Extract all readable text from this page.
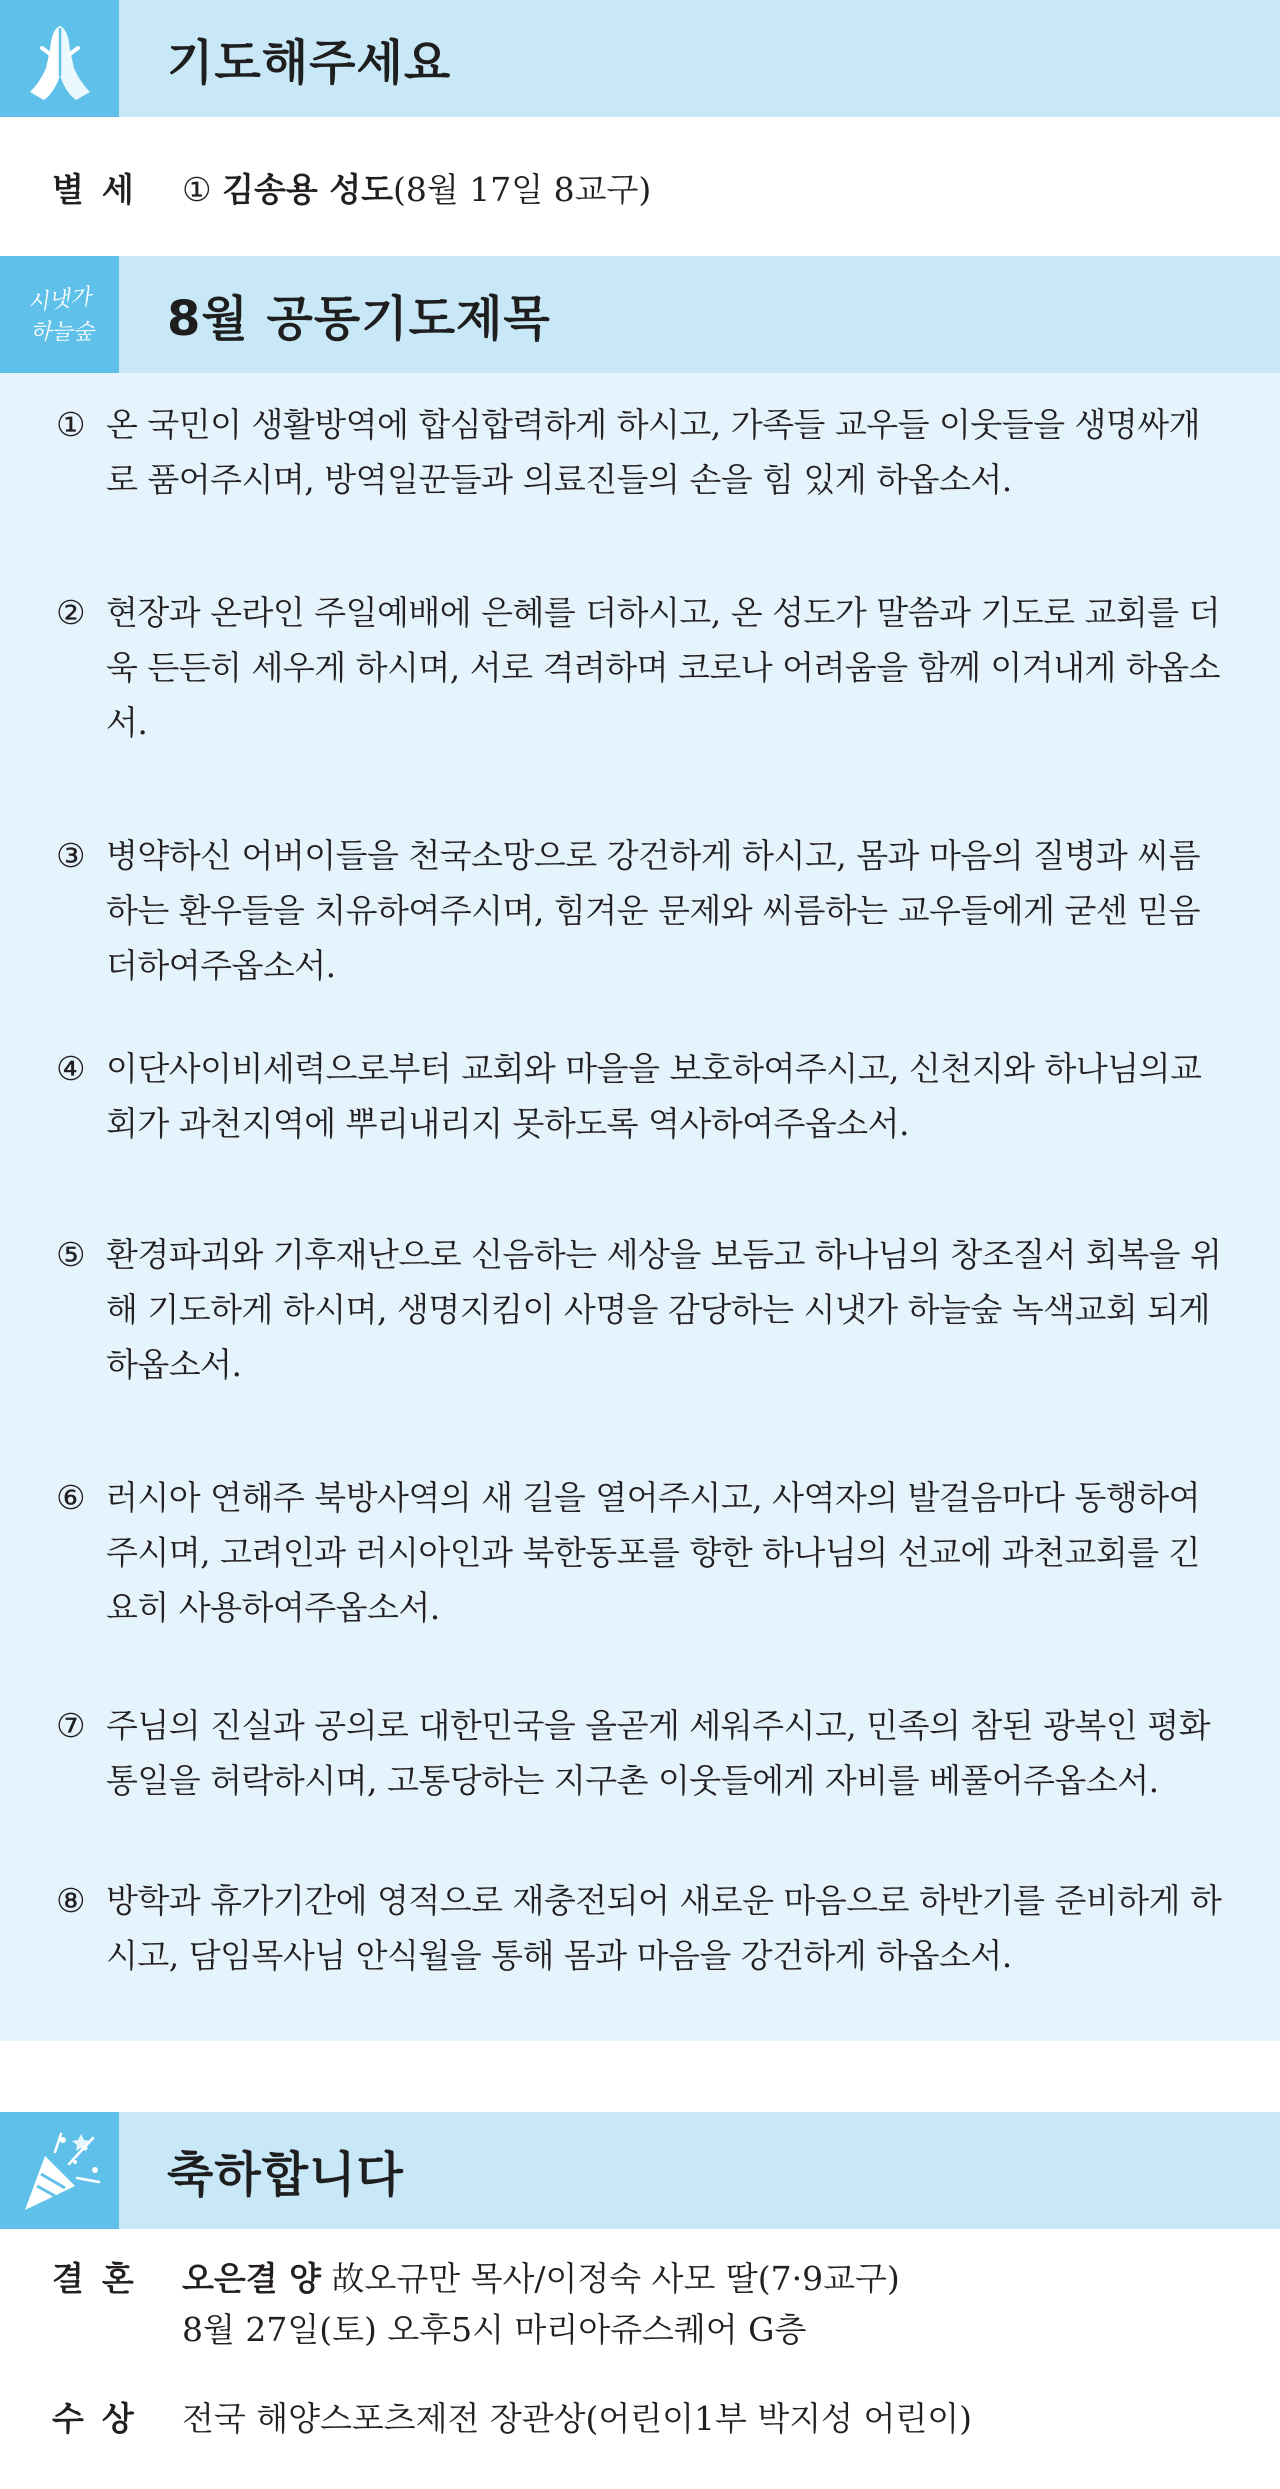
기도해주세요
별세 ① 김송용 성도(8월 17일 8교구)
시냇가
하늘숲 8월 공동기도제목
① 온 국민이 생활방역에 합심합력하게 하시고, 가족들 교우들 이웃들을 생명싸개로 품어주시며, 방역일꾼들과 의료진들의 손을 힘 있게 하옵소서.
② 현장과 온라인 주일예배에 은혜를 더하시고, 온 성도가 말씀과 기도로 교회를 더욱 든든히 세우게 하시며, 서로 격려하며 코로나 어려움을 함께 이겨내게 하옵소서.
③ 병약하신 어버이들을 천국소망으로 강건하게 하시고, 몸과 마음의 질병과 씨름하는 환우들을 치유하여주시며, 힘겨운 문제와 씨름하는 교우들에게 굳센 믿음 더하여주옵소서.
④ 이단사이비세력으로부터 교회와 마을을 보호하여주시고, 신천지와 하나님의교회가 과천지역에 뿌리내리지 못하도록 역사하여주옵소서.
⑤ 환경파괴와 기후재난으로 신음하는 세상을 보듬고 하나님의 창조질서 회복을 위해 기도하게 하시며, 생명지킴이 사명을 감당하는 시냇가 하늘숲 녹색교회 되게 하옵소서.
⑥ 러시아 연해주 북방사역의 새 길을 열어주시고, 사역자의 발걸음마다 동행하여주시며, 고려인과 러시아인과 북한동포를 향한 하나님의 선교에 과천교회를 긴요히 사용하여주옵소서.
⑦ 주님의 진실과 공의로 대한민국을 올곧게 세워주시고, 민족의 참된 광복인 평화통일을 허락하시며, 고통당하는 지구촌 이웃들에게 자비를 베풀어주옵소서.
⑧ 방학과 휴가기간에 영적으로 재충전되어 새로운 마음으로 하반기를 준비하게 하시고, 담임목사님 안식월을 통해 몸과 마음을 강건하게 하옵소서.
축하합니다
결혼 오은결 양 故오규만 목사/이정숙 사모 딸(7·9교구)
8월 27일(토) 오후5시 마리아쥬스퀘어 G층
수상 전국 해양스포츠제전 장관상(어린이1부 박지성 어린이)
